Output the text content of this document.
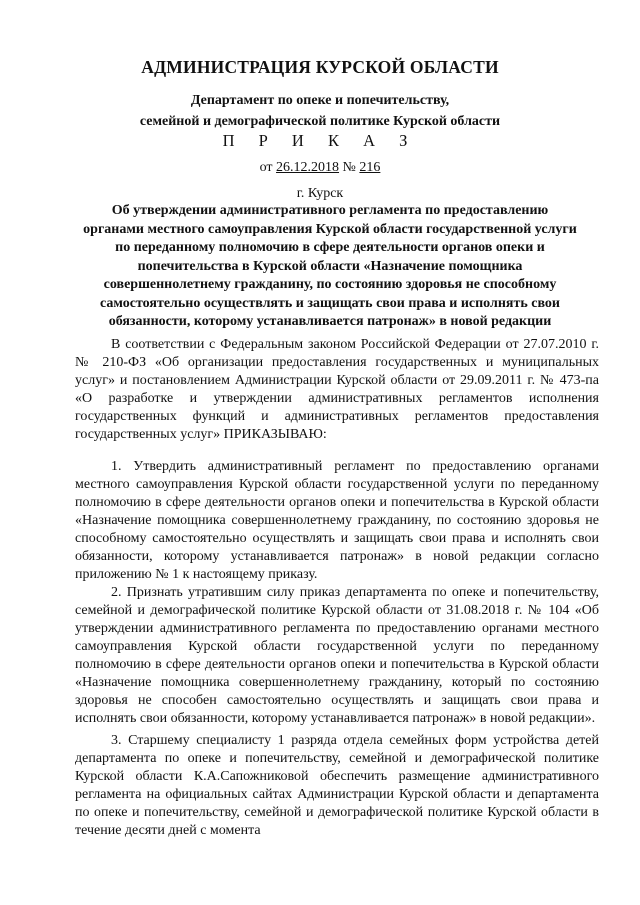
АДМИНИСТРАЦИЯ КУРСКОЙ ОБЛАСТИ
Департамент по опеке и попечительству,
семейной и демографической политике Курской области
П Р И К А З
от 26.12.2018 № 216
г. Курск
Об утверждении административного регламента по предоставлению органами местного самоуправления Курской области государственной услуги по переданному полномочию в сфере деятельности органов опеки и попечительства в Курской области «Назначение помощника совершеннолетнему гражданину, по состоянию здоровья не способному самостоятельно осуществлять и защищать свои права и исполнять свои обязанности, которому устанавливается патронаж» в новой редакции

В соответствии с Федеральным законом Российской Федерации от 27.07.2010 г. № 210-ФЗ «Об организации предоставления государственных и муниципальных услуг» и постановлением Администрации Курской области от 29.09.2011 г. № 473-па «О разработке и утверждении административных регламентов исполнения государственных функций и административных регламентов предоставления государственных услуг» ПРИКАЗЫВАЮ:

1. Утвердить административный регламент по предоставлению органами местного самоуправления Курской области государственной услуги по переданному полномочию в сфере деятельности органов опеки и попечительства в Курской области «Назначение помощника совершеннолетнему гражданину, по состоянию здоровья не способному самостоятельно осуществлять и защищать свои права и исполнять свои обязанности, которому устанавливается патронаж» в новой редакции согласно приложению № 1 к настоящему приказу.

2. Признать утратившим силу приказ департамента по опеке и попечительству, семейной и демографической политике Курской области от 31.08.2018 г. № 104 «Об утверждении административного регламента по предоставлению органами местного самоуправления Курской области государственной услуги по переданному полномочию в сфере деятельности органов опеки и попечительства в Курской области «Назначение помощника совершеннолетнему гражданину, который по состоянию здоровья не способен самостоятельно осуществлять и защищать свои права и исполнять свои обязанности, которому устанавливается патронаж» в новой редакции».

3. Старшему специалисту 1 разряда отдела семейных форм устройства детей департамента по опеке и попечительству, семейной и демографической политике Курской области К.А.Сапожниковой обеспечить размещение административного регламента на официальных сайтах Администрации Курской области и департамента по опеке и попечительству, семейной и демографической политике Курской области в течение десяти дней с момента
